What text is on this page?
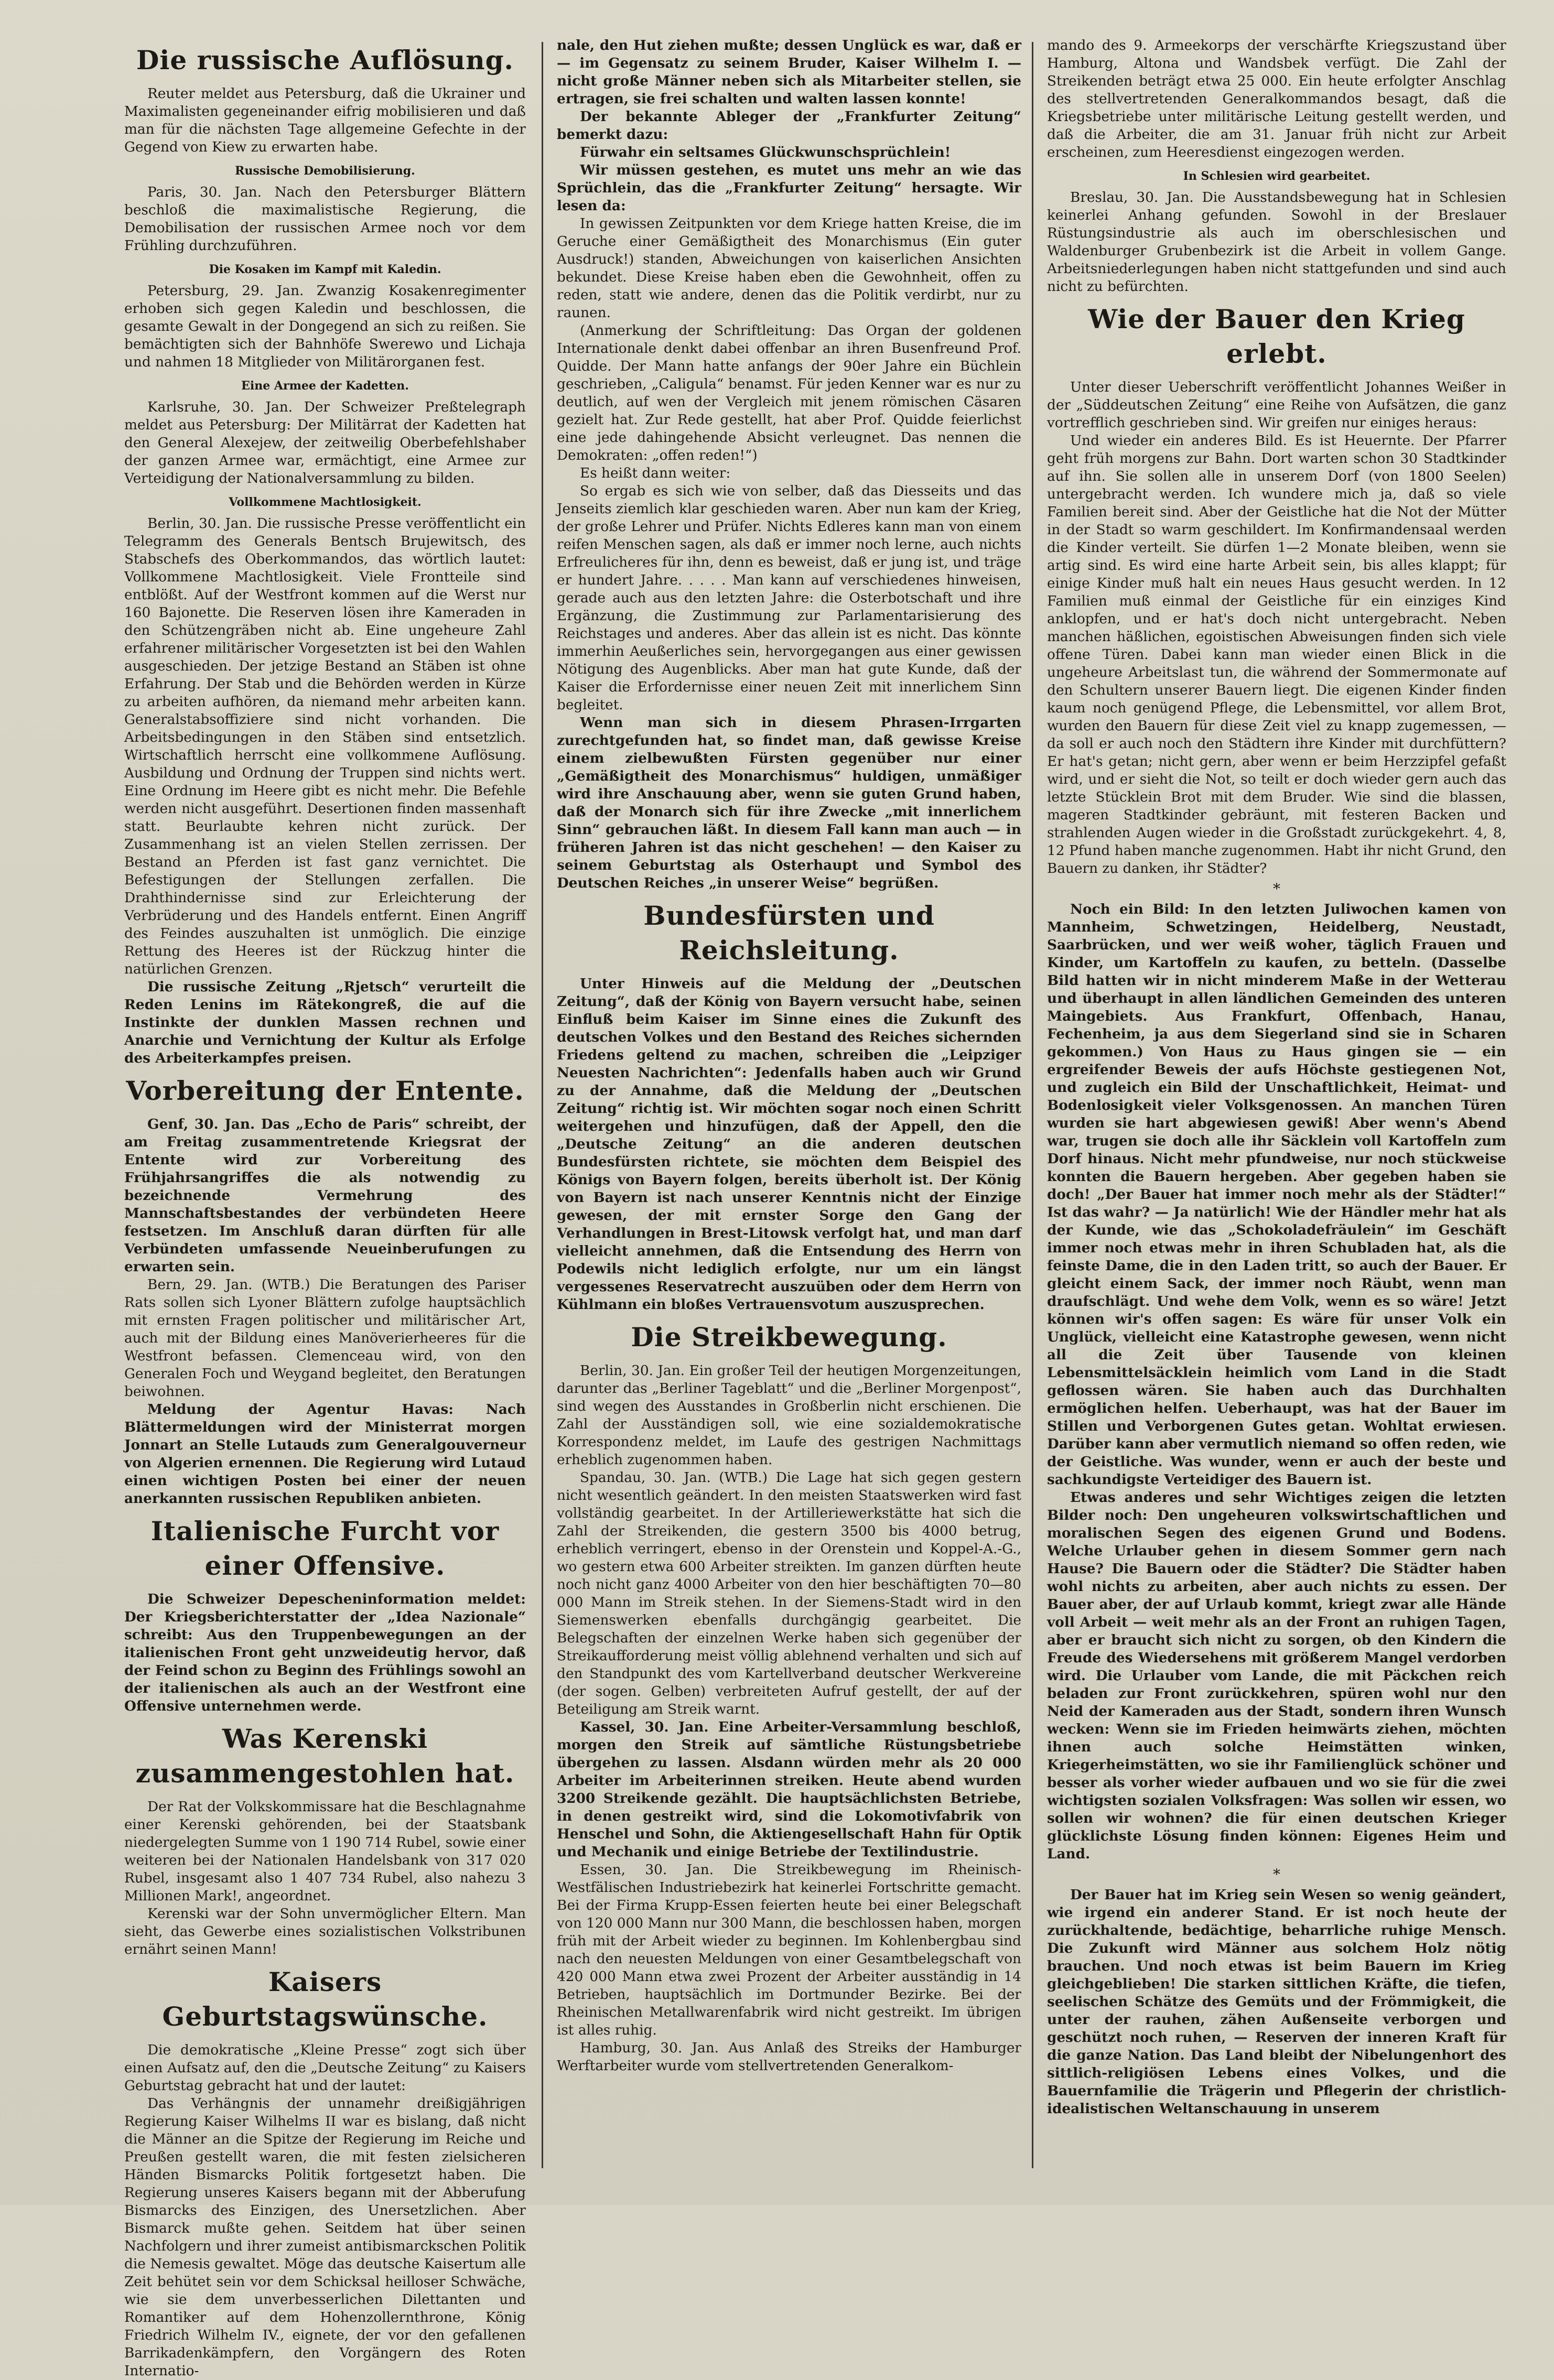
Die russische Auflösung.

Reuter meldet aus Petersburg, daß die Ukrainer und Maximalisten gegeneinander eifrig mobilisieren und daß man für die nächsten Tage allgemeine Gefechte in der Gegend von Kiew zu erwarten habe.

Russische Demobilisierung.

Paris, 30. Jan. Nach den Petersburger Blättern beschloß die maximalistische Regierung, die Demobilisation der russischen Armee noch vor dem Frühling durchzuführen.

Die Kosaken im Kampf mit Kaledin.

Petersburg, 29. Jan. Zwanzig Kosakenregimenter erhoben sich gegen Kaledin und beschlossen, die gesamte Gewalt in der Dongegend an sich zu reißen. Sie bemächtigten sich der Bahnhöfe Swerewo und Lichaja und nahmen 18 Mitglieder von Militärorganen fest.

Eine Armee der Kadetten.

Karlsruhe, 30. Jan. Der Schweizer Preßtelegraph meldet aus Petersburg: Der Militärrat der Kadetten hat den General Alexejew, der zeitweilig Oberbefehlshaber der ganzen Armee war, ermächtigt, eine Armee zur Verteidigung der Nationalversammlung zu bilden.

Vollkommene Machtlosigkeit.

Berlin, 30. Jan. Die russische Presse veröffentlicht ein Telegramm des Generals Bentsch Brujewitsch, des Stabschefs des Oberkommandos, das wörtlich lautet: Vollkommene Machtlosigkeit. Viele Frontteile sind entblößt. Auf der Westfront kommen auf die Werst nur 160 Bajonette. Die Reserven lösen ihre Kameraden in den Schützengräben nicht ab. Eine ungeheure Zahl erfahrener militärischer Vorgesetzten ist bei den Wahlen ausgeschieden. Der jetzige Bestand an Stäben ist ohne Erfahrung. Der Stab und die Behörden werden in Kürze zu arbeiten aufhören, da niemand mehr arbeiten kann. Generalstabsoffiziere sind nicht vorhanden. Die Arbeitsbedingungen in den Stäben sind entsetzlich. Wirtschaftlich herrscht eine vollkommene Auflösung. Ausbildung und Ordnung der Truppen sind nichts wert. Eine Ordnung im Heere gibt es nicht mehr. Die Befehle werden nicht ausgeführt. Desertionen finden massenhaft statt. Beurlaubte kehren nicht zurück. Der Zusammenhang ist an vielen Stellen zerrissen. Der Bestand an Pferden ist fast ganz vernichtet. Die Befestigungen der Stellungen zerfallen. Die Drahthindernisse sind zur Erleichterung der Verbrüderung und des Handels entfernt. Einen Angriff des Feindes auszuhalten ist unmöglich. Die einzige Rettung des Heeres ist der Rückzug hinter die natürlichen Grenzen.

Die russische Zeitung „Rjetsch“ verurteilt die Reden Lenins im Rätekongreß, die auf die Instinkte der dunklen Massen rechnen und Anarchie und Vernichtung der Kultur als Erfolge des Arbeiterkampfes preisen.

Vorbereitung der Entente.

Genf, 30. Jan. Das „Echo de Paris“ schreibt, der am Freitag zusammentretende Kriegsrat der Entente wird zur Vorbereitung des Frühjahrsangriffes die als notwendig zu bezeichnende Vermehrung des Mannschaftsbestandes der verbündeten Heere festsetzen. Im Anschluß daran dürften für alle Verbündeten umfassende Neueinberufungen zu erwarten sein.

Bern, 29. Jan. (WTB.) Die Beratungen des Pariser Rats sollen sich Lyoner Blättern zufolge hauptsächlich mit ernsten Fragen politischer und militärischer Art, auch mit der Bildung eines Manöverierheeres für die Westfront befassen. Clemenceau wird, von den Generalen Foch und Weygand begleitet, den Beratungen beiwohnen.

Meldung der Agentur Havas: Nach Blättermeldungen wird der Ministerrat morgen Jonnart an Stelle Lutauds zum Generalgouverneur von Algerien ernennen. Die Regierung wird Lutaud einen wichtigen Posten bei einer der neuen anerkannten russischen Republiken anbieten.

Italienische Furcht vor einer Offensive.

Die Schweizer Depescheninformation meldet: Der Kriegsberichterstatter der „Idea Nazionale“ schreibt: Aus den Truppenbewegungen an der italienischen Front geht unzweideutig hervor, daß der Feind schon zu Beginn des Frühlings sowohl an der italienischen als auch an der Westfront eine Offensive unternehmen werde.

Was Kerenski zusammengestohlen hat.

Der Rat der Volkskommissare hat die Beschlagnahme einer Kerenski gehörenden, bei der Staatsbank niedergelegten Summe von 1 190 714 Rubel, sowie einer weiteren bei der Nationalen Handelsbank von 317 020 Rubel, insgesamt also 1 407 734 Rubel, also nahezu 3 Millionen Mark!, angeordnet.

Kerenski war der Sohn unvermöglicher Eltern. Man sieht, das Gewerbe eines sozialistischen Volkstribunen ernährt seinen Mann!

Kaisers Geburtstagswünsche.

Die demokratische „Kleine Presse“ zogt sich über einen Aufsatz auf, den die „Deutsche Zeitung“ zu Kaisers Geburtstag gebracht hat und der lautet:

Das Verhängnis der unnamehr dreißigjährigen Regierung Kaiser Wilhelms II war es bislang, daß nicht die Männer an die Spitze der Regierung im Reiche und Preußen gestellt waren, die mit festen zielsicheren Händen Bismarcks Politik fortgesetzt haben. Die Regierung unseres Kaisers begann mit der Abberufung Bismarcks des Einzigen, des Unersetzlichen. Aber Bismarck mußte gehen. Seitdem hat über seinen Nachfolgern und ihrer zumeist antibismarckschen Politik die Nemesis gewaltet. Möge das deutsche Kaisertum alle Zeit behütet sein vor dem Schicksal heilloser Schwäche, wie sie dem unverbesserlichen Dilettanten und Romantiker auf dem Hohenzollernthrone, König Friedrich Wilhelm IV., eignete, der vor den gefallenen Barrikadenkämpfern, den Vorgängern des Roten Internatio-

nale, den Hut ziehen mußte; dessen Unglück es war, daß er — im Gegensatz zu seinem Bruder, Kaiser Wilhelm I. — nicht große Männer neben sich als Mitarbeiter stellen, sie ertragen, sie frei schalten und walten lassen konnte!

Der bekannte Ableger der „Frankfurter Zeitung“ bemerkt dazu:

Fürwahr ein seltsames Glückwunschsprüchlein!

Wir müssen gestehen, es mutet uns mehr an wie das Sprüchlein, das die „Frankfurter Zeitung“ hersagte. Wir lesen da:

In gewissen Zeitpunkten vor dem Kriege hatten Kreise, die im Geruche einer Gemäßigtheit des Monarchismus (Ein guter Ausdruck!) standen, Abweichungen von kaiserlichen Ansichten bekundet. Diese Kreise haben eben die Gewohnheit, offen zu reden, statt wie andere, denen das die Politik verdirbt, nur zu raunen.

(Anmerkung der Schriftleitung: Das Organ der goldenen Internationale denkt dabei offenbar an ihren Busenfreund Prof. Quidde. Der Mann hatte anfangs der 90er Jahre ein Büchlein geschrieben, „Caligula“ benamst. Für jeden Kenner war es nur zu deutlich, auf wen der Vergleich mit jenem römischen Cäsaren gezielt hat. Zur Rede gestellt, hat aber Prof. Quidde feierlichst eine jede dahingehende Absicht verleugnet. Das nennen die Demokraten: „offen reden!“)

Es heißt dann weiter:

So ergab es sich wie von selber, daß das Diesseits und das Jenseits ziemlich klar geschieden waren. Aber nun kam der Krieg, der große Lehrer und Prüfer. Nichts Edleres kann man von einem reifen Menschen sagen, als daß er immer noch lerne, auch nichts Erfreulicheres für ihn, denn es beweist, daß er jung ist, und träge er hundert Jahre. . . . . Man kann auf verschiedenes hinweisen, gerade auch aus den letzten Jahre: die Osterbotschaft und ihre Ergänzung, die Zustimmung zur Parlamentarisierung des Reichstages und anderes. Aber das allein ist es nicht. Das könnte immerhin Aeußerliches sein, hervorgegangen aus einer gewissen Nötigung des Augenblicks. Aber man hat gute Kunde, daß der Kaiser die Erfordernisse einer neuen Zeit mit innerlichem Sinn begleitet.

Wenn man sich in diesem Phrasen-Irrgarten zurechtgefunden hat, so findet man, daß gewisse Kreise einem zielbewußten Fürsten gegenüber nur einer „Gemäßigtheit des Monarchismus“ huldigen, unmäßiger wird ihre Anschauung aber, wenn sie guten Grund haben, daß der Monarch sich für ihre Zwecke „mit innerlichem Sinn“ gebrauchen läßt. In diesem Fall kann man auch — in früheren Jahren ist das nicht geschehen! — den Kaiser zu seinem Geburtstag als Osterhaupt und Symbol des Deutschen Reiches „in unserer Weise“ begrüßen.

Bundesfürsten und Reichsleitung.

Unter Hinweis auf die Meldung der „Deutschen Zeitung“, daß der König von Bayern versucht habe, seinen Einfluß beim Kaiser im Sinne eines die Zukunft des deutschen Volkes und den Bestand des Reiches sichernden Friedens geltend zu machen, schreiben die „Leipziger Neuesten Nachrichten“: Jedenfalls haben auch wir Grund zu der Annahme, daß die Meldung der „Deutschen Zeitung“ richtig ist. Wir möchten sogar noch einen Schritt weitergehen und hinzufügen, daß der Appell, den die „Deutsche Zeitung“ an die anderen deutschen Bundesfürsten richtete, sie möchten dem Beispiel des Königs von Bayern folgen, bereits überholt ist. Der König von Bayern ist nach unserer Kenntnis nicht der Einzige gewesen, der mit ernster Sorge den Gang der Verhandlungen in Brest-Litowsk verfolgt hat, und man darf vielleicht annehmen, daß die Entsendung des Herrn von Podewils nicht lediglich erfolgte, nur um ein längst vergessenes Reservatrecht auszuüben oder dem Herrn von Kühlmann ein bloßes Vertrauensvotum auszusprechen.

Die Streikbewegung.

Berlin, 30. Jan. Ein großer Teil der heutigen Morgenzeitungen, darunter das „Berliner Tageblatt“ und die „Berliner Morgenpost“, sind wegen des Ausstandes in Großberlin nicht erschienen. Die Zahl der Ausständigen soll, wie eine sozialdemokratische Korrespondenz meldet, im Laufe des gestrigen Nachmittags erheblich zugenommen haben.

Spandau, 30. Jan. (WTB.) Die Lage hat sich gegen gestern nicht wesentlich geändert. In den meisten Staatswerken wird fast vollständig gearbeitet. In der Artilleriewerkstätte hat sich die Zahl der Streikenden, die gestern 3500 bis 4000 betrug, erheblich verringert, ebenso in der Orenstein und Koppel-A.-G., wo gestern etwa 600 Arbeiter streikten. Im ganzen dürften heute noch nicht ganz 4000 Arbeiter von den hier beschäftigten 70—80 000 Mann im Streik stehen. In der Siemens-Stadt wird in den Siemenswerken ebenfalls durchgängig gearbeitet. Die Belegschaften der einzelnen Werke haben sich gegenüber der Streikaufforderung meist völlig ablehnend verhalten und sich auf den Standpunkt des vom Kartellverband deutscher Werkvereine (der sogen. Gelben) verbreiteten Aufruf gestellt, der auf der Beteiligung am Streik warnt.

Kassel, 30. Jan. Eine Arbeiter-Versammlung beschloß, morgen den Streik auf sämtliche Rüstungsbetriebe übergehen zu lassen. Alsdann würden mehr als 20 000 Arbeiter im Arbeiterinnen streiken. Heute abend wurden 3200 Streikende gezählt. Die hauptsächlichsten Betriebe, in denen gestreikt wird, sind die Lokomotivfabrik von Henschel und Sohn, die Aktiengesellschaft Hahn für Optik und Mechanik und einige Betriebe der Textilindustrie.

Essen, 30. Jan. Die Streikbewegung im Rheinisch-Westfälischen Industriebezirk hat keinerlei Fortschritte gemacht. Bei der Firma Krupp-Essen feierten heute bei einer Belegschaft von 120 000 Mann nur 300 Mann, die beschlossen haben, morgen früh mit der Arbeit wieder zu beginnen. Im Kohlenbergbau sind nach den neuesten Meldungen von einer Gesamtbelegschaft von 420 000 Mann etwa zwei Prozent der Arbeiter ausständig in 14 Betrieben, hauptsächlich im Dortmunder Bezirke. Bei der Rheinischen Metallwarenfabrik wird nicht gestreikt. Im übrigen ist alles ruhig.

Hamburg, 30. Jan. Aus Anlaß des Streiks der Hamburger Werftarbeiter wurde vom stellvertretenden Generalkom-

mando des 9. Armeekorps der verschärfte Kriegszustand über Hamburg, Altona und Wandsbek verfügt. Die Zahl der Streikenden beträgt etwa 25 000. Ein heute erfolgter Anschlag des stellvertretenden Generalkommandos besagt, daß die Kriegsbetriebe unter militärische Leitung gestellt werden, und daß die Arbeiter, die am 31. Januar früh nicht zur Arbeit erscheinen, zum Heeresdienst eingezogen werden.

In Schlesien wird gearbeitet.

Breslau, 30. Jan. Die Ausstandsbewegung hat in Schlesien keinerlei Anhang gefunden. Sowohl in der Breslauer Rüstungsindustrie als auch im oberschlesischen und Waldenburger Grubenbezirk ist die Arbeit in vollem Gange. Arbeitsniederlegungen haben nicht stattgefunden und sind auch nicht zu befürchten.

Wie der Bauer den Krieg erlebt.

Unter dieser Ueberschrift veröffentlicht Johannes Weißer in der „Süddeutschen Zeitung“ eine Reihe von Aufsätzen, die ganz vortrefflich geschrieben sind. Wir greifen nur einiges heraus:

Und wieder ein anderes Bild. Es ist Heuernte. Der Pfarrer geht früh morgens zur Bahn. Dort warten schon 30 Stadtkinder auf ihn. Sie sollen alle in unserem Dorf (von 1800 Seelen) untergebracht werden. Ich wundere mich ja, daß so viele Familien bereit sind. Aber der Geistliche hat die Not der Mütter in der Stadt so warm geschildert. Im Konfirmandensaal werden die Kinder verteilt. Sie dürfen 1—2 Monate bleiben, wenn sie artig sind. Es wird eine harte Arbeit sein, bis alles klappt; für einige Kinder muß halt ein neues Haus gesucht werden. In 12 Familien muß einmal der Geistliche für ein einziges Kind anklopfen, und er hat's doch nicht untergebracht. Neben manchen häßlichen, egoistischen Abweisungen finden sich viele offene Türen. Dabei kann man wieder einen Blick in die ungeheure Arbeitslast tun, die während der Sommermonate auf den Schultern unserer Bauern liegt. Die eigenen Kinder finden kaum noch genügend Pflege, die Lebensmittel, vor allem Brot, wurden den Bauern für diese Zeit viel zu knapp zugemessen, — da soll er auch noch den Städtern ihre Kinder mit durchfüttern? Er hat's getan; nicht gern, aber wenn er beim Herzzipfel gefaßt wird, und er sieht die Not, so teilt er doch wieder gern auch das letzte Stücklein Brot mit dem Bruder. Wie sind die blassen, mageren Stadtkinder gebräunt, mit festeren Backen und strahlenden Augen wieder in die Großstadt zurückgekehrt. 4, 8, 12 Pfund haben manche zugenommen. Habt ihr nicht Grund, den Bauern zu danken, ihr Städter?

*

Noch ein Bild: In den letzten Juliwochen kamen von Mannheim, Schwetzingen, Heidelberg, Neustadt, Saarbrücken, und wer weiß woher, täglich Frauen und Kinder, um Kartoffeln zu kaufen, zu betteln. (Dasselbe Bild hatten wir in nicht minderem Maße in der Wetterau und überhaupt in allen ländlichen Gemeinden des unteren Maingebiets. Aus Frankfurt, Offenbach, Hanau, Fechenheim, ja aus dem Siegerland sind sie in Scharen gekommen.) Von Haus zu Haus gingen sie — ein ergreifender Beweis der aufs Höchste gestiegenen Not, und zugleich ein Bild der Unschaftlichkeit, Heimat- und Bodenlosigkeit vieler Volksgenossen. An manchen Türen wurden sie hart abgewiesen gewiß! Aber wenn's Abend war, trugen sie doch alle ihr Säcklein voll Kartoffeln zum Dorf hinaus. Nicht mehr pfundweise, nur noch stückweise konnten die Bauern hergeben. Aber gegeben haben sie doch! „Der Bauer hat immer noch mehr als der Städter!“ Ist das wahr? — Ja natürlich! Wie der Händler mehr hat als der Kunde, wie das „Schokoladefräulein“ im Geschäft immer noch etwas mehr in ihren Schubladen hat, als die feinste Dame, die in den Laden tritt, so auch der Bauer. Er gleicht einem Sack, der immer noch Räubt, wenn man draufschlägt. Und wehe dem Volk, wenn es so wäre! Jetzt können wir's offen sagen: Es wäre für unser Volk ein Unglück, vielleicht eine Katastrophe gewesen, wenn nicht all die Zeit über Tausende von kleinen Lebensmittelsäcklein heimlich vom Land in die Stadt geflossen wären. Sie haben auch das Durchhalten ermöglichen helfen. Ueberhaupt, was hat der Bauer im Stillen und Verborgenen Gutes getan. Wohltat erwiesen. Darüber kann aber vermutlich niemand so offen reden, wie der Geistliche. Was wunder, wenn er auch der beste und sachkundigste Verteidiger des Bauern ist.

Etwas anderes und sehr Wichtiges zeigen die letzten Bilder noch: Den ungeheuren volkswirtschaftlichen und moralischen Segen des eigenen Grund und Bodens. Welche Urlauber gehen in diesem Sommer gern nach Hause? Die Bauern oder die Städter? Die Städter haben wohl nichts zu arbeiten, aber auch nichts zu essen. Der Bauer aber, der auf Urlaub kommt, kriegt zwar alle Hände voll Arbeit — weit mehr als an der Front an ruhigen Tagen, aber er braucht sich nicht zu sorgen, ob den Kindern die Freude des Wiedersehens mit größerem Mangel verdorben wird. Die Urlauber vom Lande, die mit Päckchen reich beladen zur Front zurückkehren, spüren wohl nur den Neid der Kameraden aus der Stadt, sondern ihren Wunsch wecken: Wenn sie im Frieden heimwärts ziehen, möchten ihnen auch solche Heimstätten winken, Kriegerheimstätten, wo sie ihr Familienglück schöner und besser als vorher wieder aufbauen und wo sie für die zwei wichtigsten sozialen Volksfragen: Was sollen wir essen, wo sollen wir wohnen? die für einen deutschen Krieger glücklichste Lösung finden können: Eigenes Heim und Land.

*

Der Bauer hat im Krieg sein Wesen so wenig geändert, wie irgend ein anderer Stand. Er ist noch heute der zurückhaltende, bedächtige, beharrliche ruhige Mensch. Die Zukunft wird Männer aus solchem Holz nötig brauchen. Und noch etwas ist beim Bauern im Krieg gleichgeblieben! Die starken sittlichen Kräfte, die tiefen, seelischen Schätze des Gemüts und der Frömmigkeit, die unter der rauhen, zähen Außenseite verborgen und geschützt noch ruhen, — Reserven der inneren Kraft für die ganze Nation. Das Land bleibt der Nibelungenhort des sittlich-religiösen Lebens eines Volkes, und die Bauernfamilie die Trägerin und Pflegerin der christlich-idealistischen Weltanschauung in unserem
